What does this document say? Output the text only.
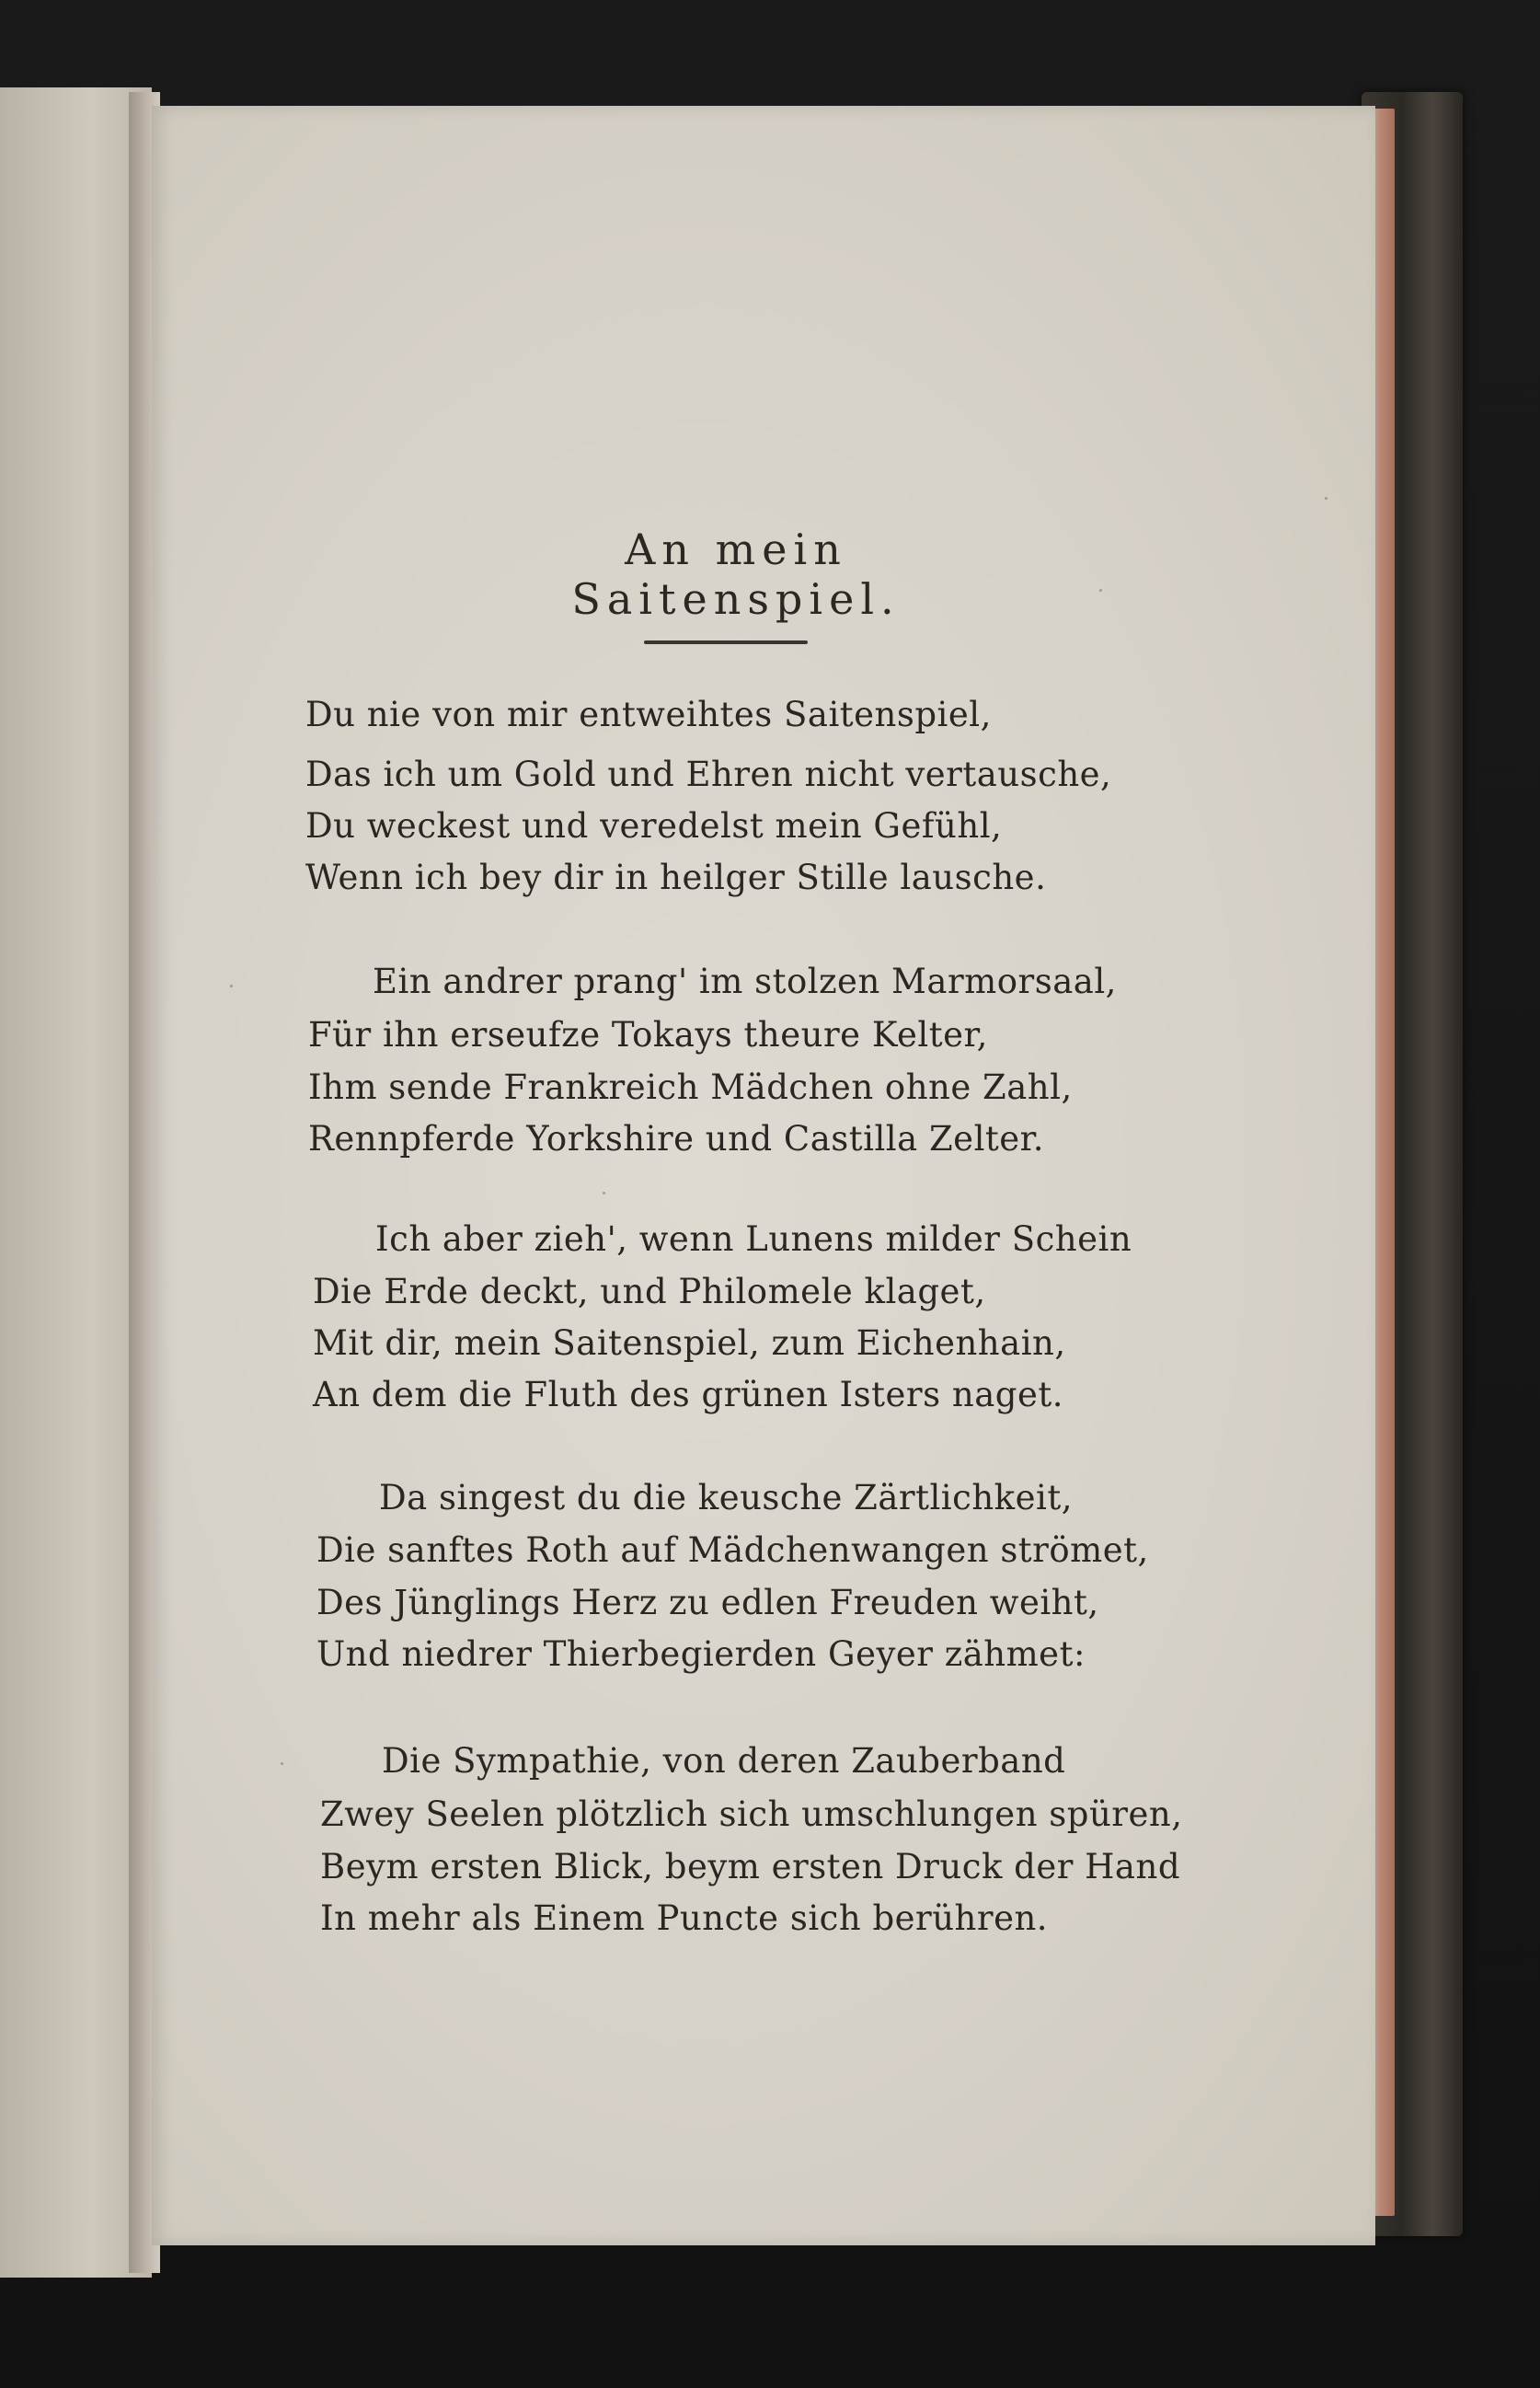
An mein Saitenspiel.
Du nie von mir entweihtes Saitenspiel,
Das ich um Gold und Ehren nicht vertausche,
Du weckest und veredelst mein Gefühl,
Wenn ich bey dir in heilger Stille lausche.
Ein andrer prang' im stolzen Marmorsaal,
Für ihn erseufze Tokays theure Kelter,
Ihm sende Frankreich Mädchen ohne Zahl,
Rennpferde Yorkshire und Castilla Zelter.
Ich aber zieh', wenn Lunens milder Schein
Die Erde deckt, und Philomele klaget,
Mit dir, mein Saitenspiel, zum Eichenhain,
An dem die Fluth des grünen Isters naget.
Da singest du die keusche Zärtlichkeit,
Die sanftes Roth auf Mädchenwangen strömet,
Des Jünglings Herz zu edlen Freuden weiht,
Und niedrer Thierbegierden Geyer zähmet:
Die Sympathie, von deren Zauberband
Zwey Seelen plötzlich sich umschlungen spüren,
Beym ersten Blick, beym ersten Druck der Hand
In mehr als Einem Puncte sich berühren.
